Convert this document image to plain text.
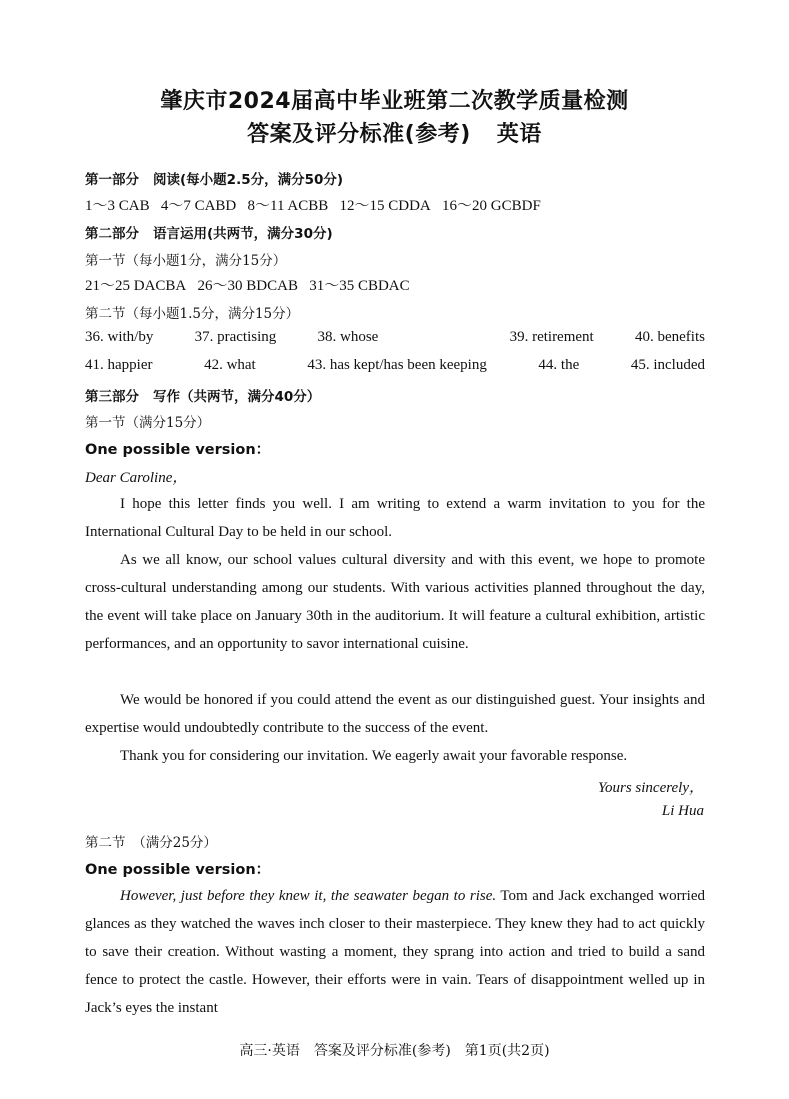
肇庆市2024届高中毕业班第二次教学质量检测
答案及评分标准(参考) 英语
第一部分 阅读(每小题2.5分，满分50分)
1～3 CAB 4～7 CABD 8～11 ACBB 12～15 CDDA 16～20 GCBDF
第二部分 语言运用(共两节，满分30分)
第一节（每小题1分，满分15分）
21～25 DACBA 26～30 BDCAB 31～35 CBDAC
第二节（每小题1.5分，满分15分）
36. with/by	37. practising	38. whose	39. retirement	40. benefits
41. happier	42. what	43. has kept/has been keeping	44. the	45. included
第三部分 写作（共两节，满分40分）
第一节（满分15分）
One possible version：
Dear Caroline，
I hope this letter finds you well. I am writing to extend a warm invitation to you for the International Cultural Day to be held in our school.
As we all know, our school values cultural diversity and with this event, we hope to promote cross-cultural understanding among our students. With various activities planned throughout the day, the event will take place on January 30th in the auditorium. It will feature a cultural exhibition, artistic performances, and an opportunity to savor international cuisine.
We would be honored if you could attend the event as our distinguished guest. Your insights and expertise would undoubtedly contribute to the success of the event.
Thank you for considering our invitation. We eagerly await your favorable response.
Yours sincerely，
Li Hua
第二节　（满分25分）
One possible version：
However, just before they knew it, the seawater began to rise. Tom and Jack exchanged worried glances as they watched the waves inch closer to their masterpiece. They knew they had to act quickly to save their creation. Without wasting a moment, they sprang into action and tried to build a sand fence to protect the castle. However, their efforts were in vain. Tears of disappointment welled up in Jack’s eyes the instant
高三·英语　答案及评分标准(参考)　第1页(共2页)
